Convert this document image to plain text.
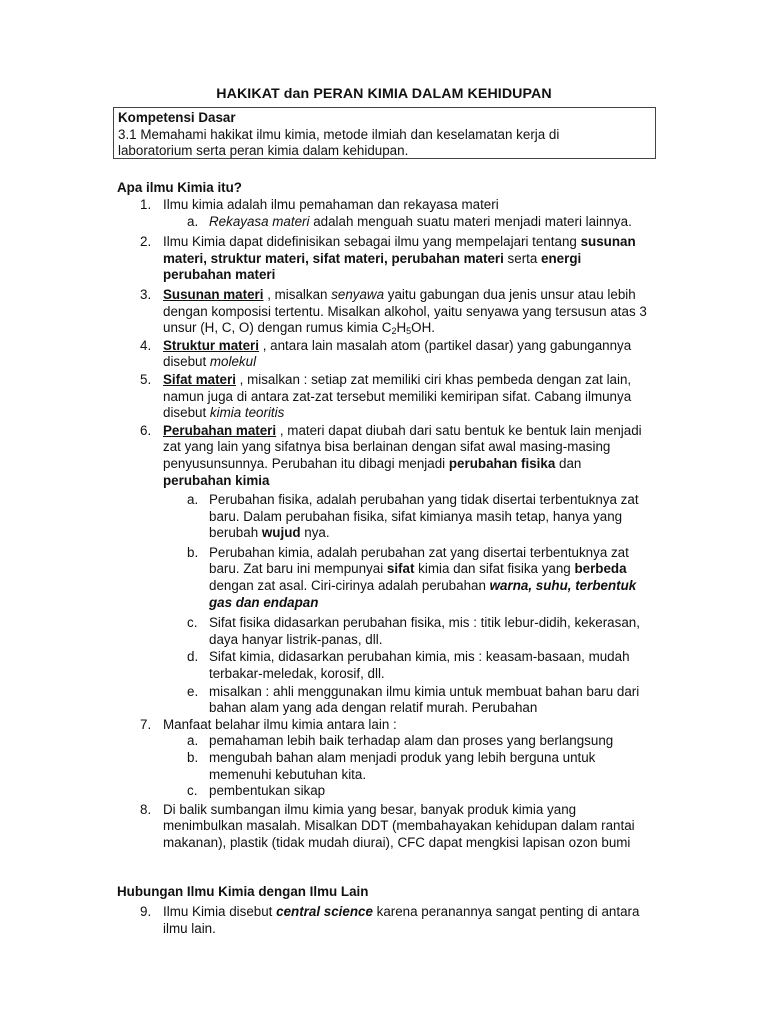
HAKIKAT dan PERAN KIMIA DALAM KEHIDUPAN
Kompetensi Dasar
3.1 Memahami hakikat ilmu kimia, metode ilmiah dan keselamatan kerja di
laboratorium serta peran kimia dalam kehidupan.
Apa ilmu Kimia itu?
1. Ilmu kimia adalah ilmu pemahaman dan rekayasa materi
a. Rekayasa materi adalah menguah suatu materi menjadi materi lainnya.
2. Ilmu Kimia dapat didefinisikan sebagai ilmu yang mempelajari tentang susunan materi, struktur materi, sifat materi, perubahan materi serta energi perubahan materi
3. Susunan materi , misalkan senyawa yaitu gabungan dua jenis unsur atau lebih dengan komposisi tertentu. Misalkan alkohol, yaitu senyawa yang tersusun atas 3 unsur (H, C, O) dengan rumus kimia $C_2H_5OH$.
4. Struktur materi , antara lain masalah atom (partikel dasar) yang gabungannya disebut molekul
5. Sifat materi , misalkan : setiap zat memiliki ciri khas pembeda dengan zat lain, namun juga di antara zat-zat tersebut memiliki kemiripan sifat. Cabang ilmunya disebut kimia teoritis
6. Perubahan materi , materi dapat diubah dari satu bentuk ke bentuk lain menjadi zat yang lain yang sifatnya bisa berlainan dengan sifat awal masing-masing penyusunsunnya. Perubahan itu dibagi menjadi perubahan fisika dan perubahan kimia
a. Perubahan fisika, adalah perubahan yang tidak disertai terbentuknya zat baru. Dalam perubahan fisika, sifat kimianya masih tetap, hanya yang berubah wujud nya.
b. Perubahan kimia, adalah perubahan zat yang disertai terbentuknya zat baru. Zat baru ini mempunyai sifat kimia dan sifat fisika yang berbeda dengan zat asal. Ciri-cirinya adalah perubahan warna, suhu, terbentuk gas dan endapan
c. Sifat fisika didasarkan perubahan fisika, mis : titik lebur-didih, kekerasan, daya hanyar listrik-panas, dll.
d. Sifat kimia, didasarkan perubahan kimia, mis : keasam-basaan, mudah terbakar-meledak, korosif, dll.
e. misalkan : ahli menggunakan ilmu kimia untuk membuat bahan baru dari bahan alam yang ada dengan relatif murah. Perubahan
7. Manfaat belahar ilmu kimia antara lain :
a. pemahaman lebih baik terhadap alam dan proses yang berlangsung
b. mengubah bahan alam menjadi produk yang lebih berguna untuk memenuhi kebutuhan kita.
c. pembentukan sikap
8. Di balik sumbangan ilmu kimia yang besar, banyak produk kimia yang menimbulkan masalah. Misalkan DDT (membahayakan kehidupan dalam rantai makanan), plastik (tidak mudah diurai), CFC dapat mengkisi lapisan ozon bumi
Hubungan Ilmu Kimia dengan Ilmu Lain
9. Ilmu Kimia disebut central science karena peranannya sangat penting di antara ilmu lain.
